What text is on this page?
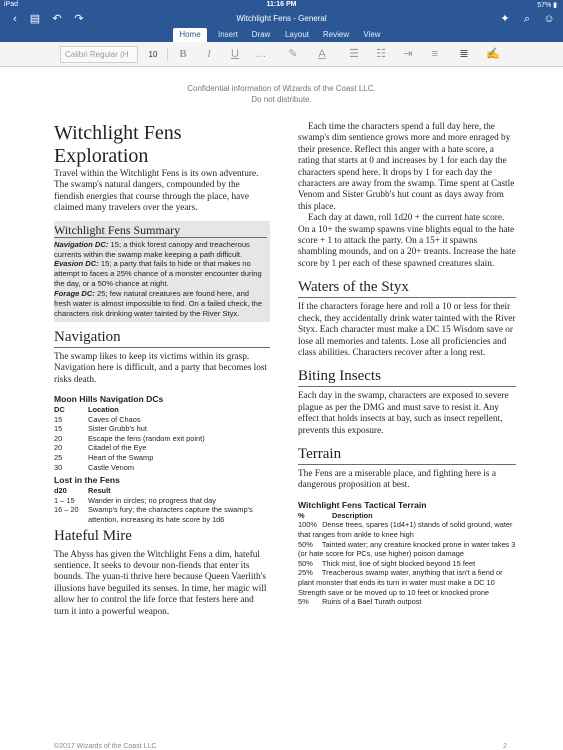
iPad	11:16 PM	57% ▮
‹	▤ ↶ ↷	Witchlight Fens - General	✦	⌕	☺
Home	Insert	Draw	Layout	Review	View
Calibri Regular (H	10	B	I	U	…	✎	A	☰	☷	⇥	≡	≣	✍
Confidential information of Wizards of the Coast LLC.
Do not distribute.
Witchlight Fens
Exploration

Travel within the Witchlight Fens is its own adventure. The swamp's natural dangers, compounded by the fiendish energies that course through the place, have claimed many travelers over the years.

Witchlight Fens Summary

Navigation DC: 15; a thick forest canopy and treacherous currents within the swamp make keeping a path difficult.

Evasion DC: 15; a party that fails to hide or that makes no attempt to faces a 25% chance of a monster encounter during the day, or a 50% chance at night.

Forage DC: 25; few natural creatures are found here, and fresh water is almost impossible to find. On a failed check, the characters risk drinking water tainted by the River Styx.

Navigation

The swamp likes to keep its victims within its grasp. Navigation here is difficult, and a party that becomes lost risks death.

Moon Hills Navigation DCs
DC	Location
15	Caves of Chaos
15	Sister Grubb's hut
20	Escape the fens (random exit point)
20	Citadel of the Eye
25	Heart of the Swamp
30	Castle Venom
Lost in the Fens
d20	Result
1 – 15	Wander in circles; no progress that day
16 – 20	Swamp's fury; the characters capture the swamp's attention, increasing its hate score by 1d6
Hateful Mire

The Abyss has given the Witchlight Fens a dim, hateful sentience. It seeks to devour non-fiends that enter its bounds. The yuan-ti thrive here because Queen Vaerlith's illusions have beguiled its senses. In time, her magic will allow her to control the life force that festers here and turn it into a powerful weapon.

Each time the characters spend a full day here, the swamp's dim sentience grows more and more enraged by their presence. Reflect this anger with a hate score, a rating that starts at 0 and increases by 1 for each day the characters spend here. It drops by 1 for each day the characters are away from the swamp. Time spent at Castle Venom and Sister Grubb's hut count as days away from this place.

Each day at dawn, roll 1d20 + the current hate score. On a 10+ the swamp spawns vine blights equal to the hate score + 1 to attack the party. On a 15+ it spawns shambling mounds, and on a 20+ treants. Increase the hate score by 1 per each of these spawned creatures slain.

Waters of the Styx

If the characters forage here and roll a 10 or less for their check, they accidentally drink water tainted with the River Styx. Each character must make a DC 15 Wisdom save or lose all memories and talents. Lose all proficiencies and class abilities. Characters recover after a long rest.

Biting Insects

Each day in the swamp, characters are exposed to severe plague as per the DMG and must save to resist it. Any effect that holds insects at bay, such as insect repellent, prevents this exposure.

Terrain

The Fens are a miserable place, and fighting here is a dangerous proposition at best.

Witchlight Fens Tactical Terrain
%	Description
100% Dense trees, spares (1d4+1) stands of solid ground, water that ranges from ankle to knee high
50% Tainted water; any creature knocked prone in water takes 3 (or hate score for PCs, use higher) poison damage
50% Thick mist, line of sight blocked beyond 15 feet
25% Treacherous swamp water, anything that isn't a fiend or plant monster that ends its turn in water must make a DC 10 Strength save or be moved up to 10 feet or knocked prone
5% Ruins of a Bael Turath outpost
©2017 Wizards of the Coast LLC	2
